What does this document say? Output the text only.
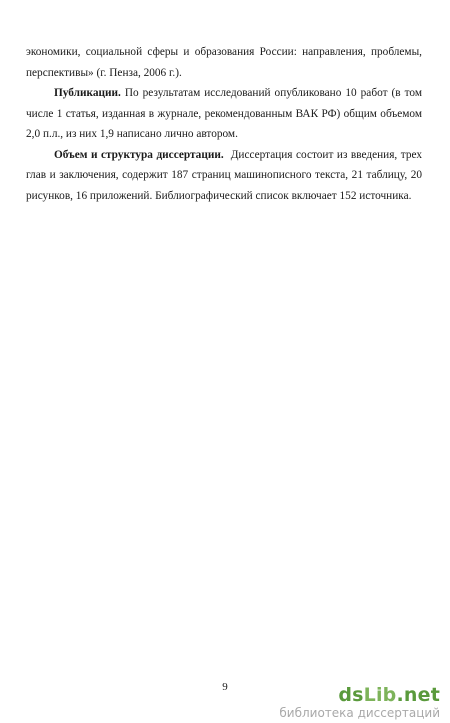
экономики, социальной сферы и образования России: направления, проблемы, перспективы» (г. Пенза, 2006 г.).

Публикации. По результатам исследований опубликовано 10 работ (в том числе 1 статья, изданная в журнале, рекомендованным ВАК РФ) общим объемом 2,0 п.л., из них 1,9 написано лично автором.

Объем и структура диссертации.  Диссертация состоит из введения, трех глав и заключения, содержит 187 страниц машинописного текста, 21 таблицу, 20 рисунков, 16 приложений. Библиографический список включает 152 источника.

9	dsLib.net
библиотека диссертаций
